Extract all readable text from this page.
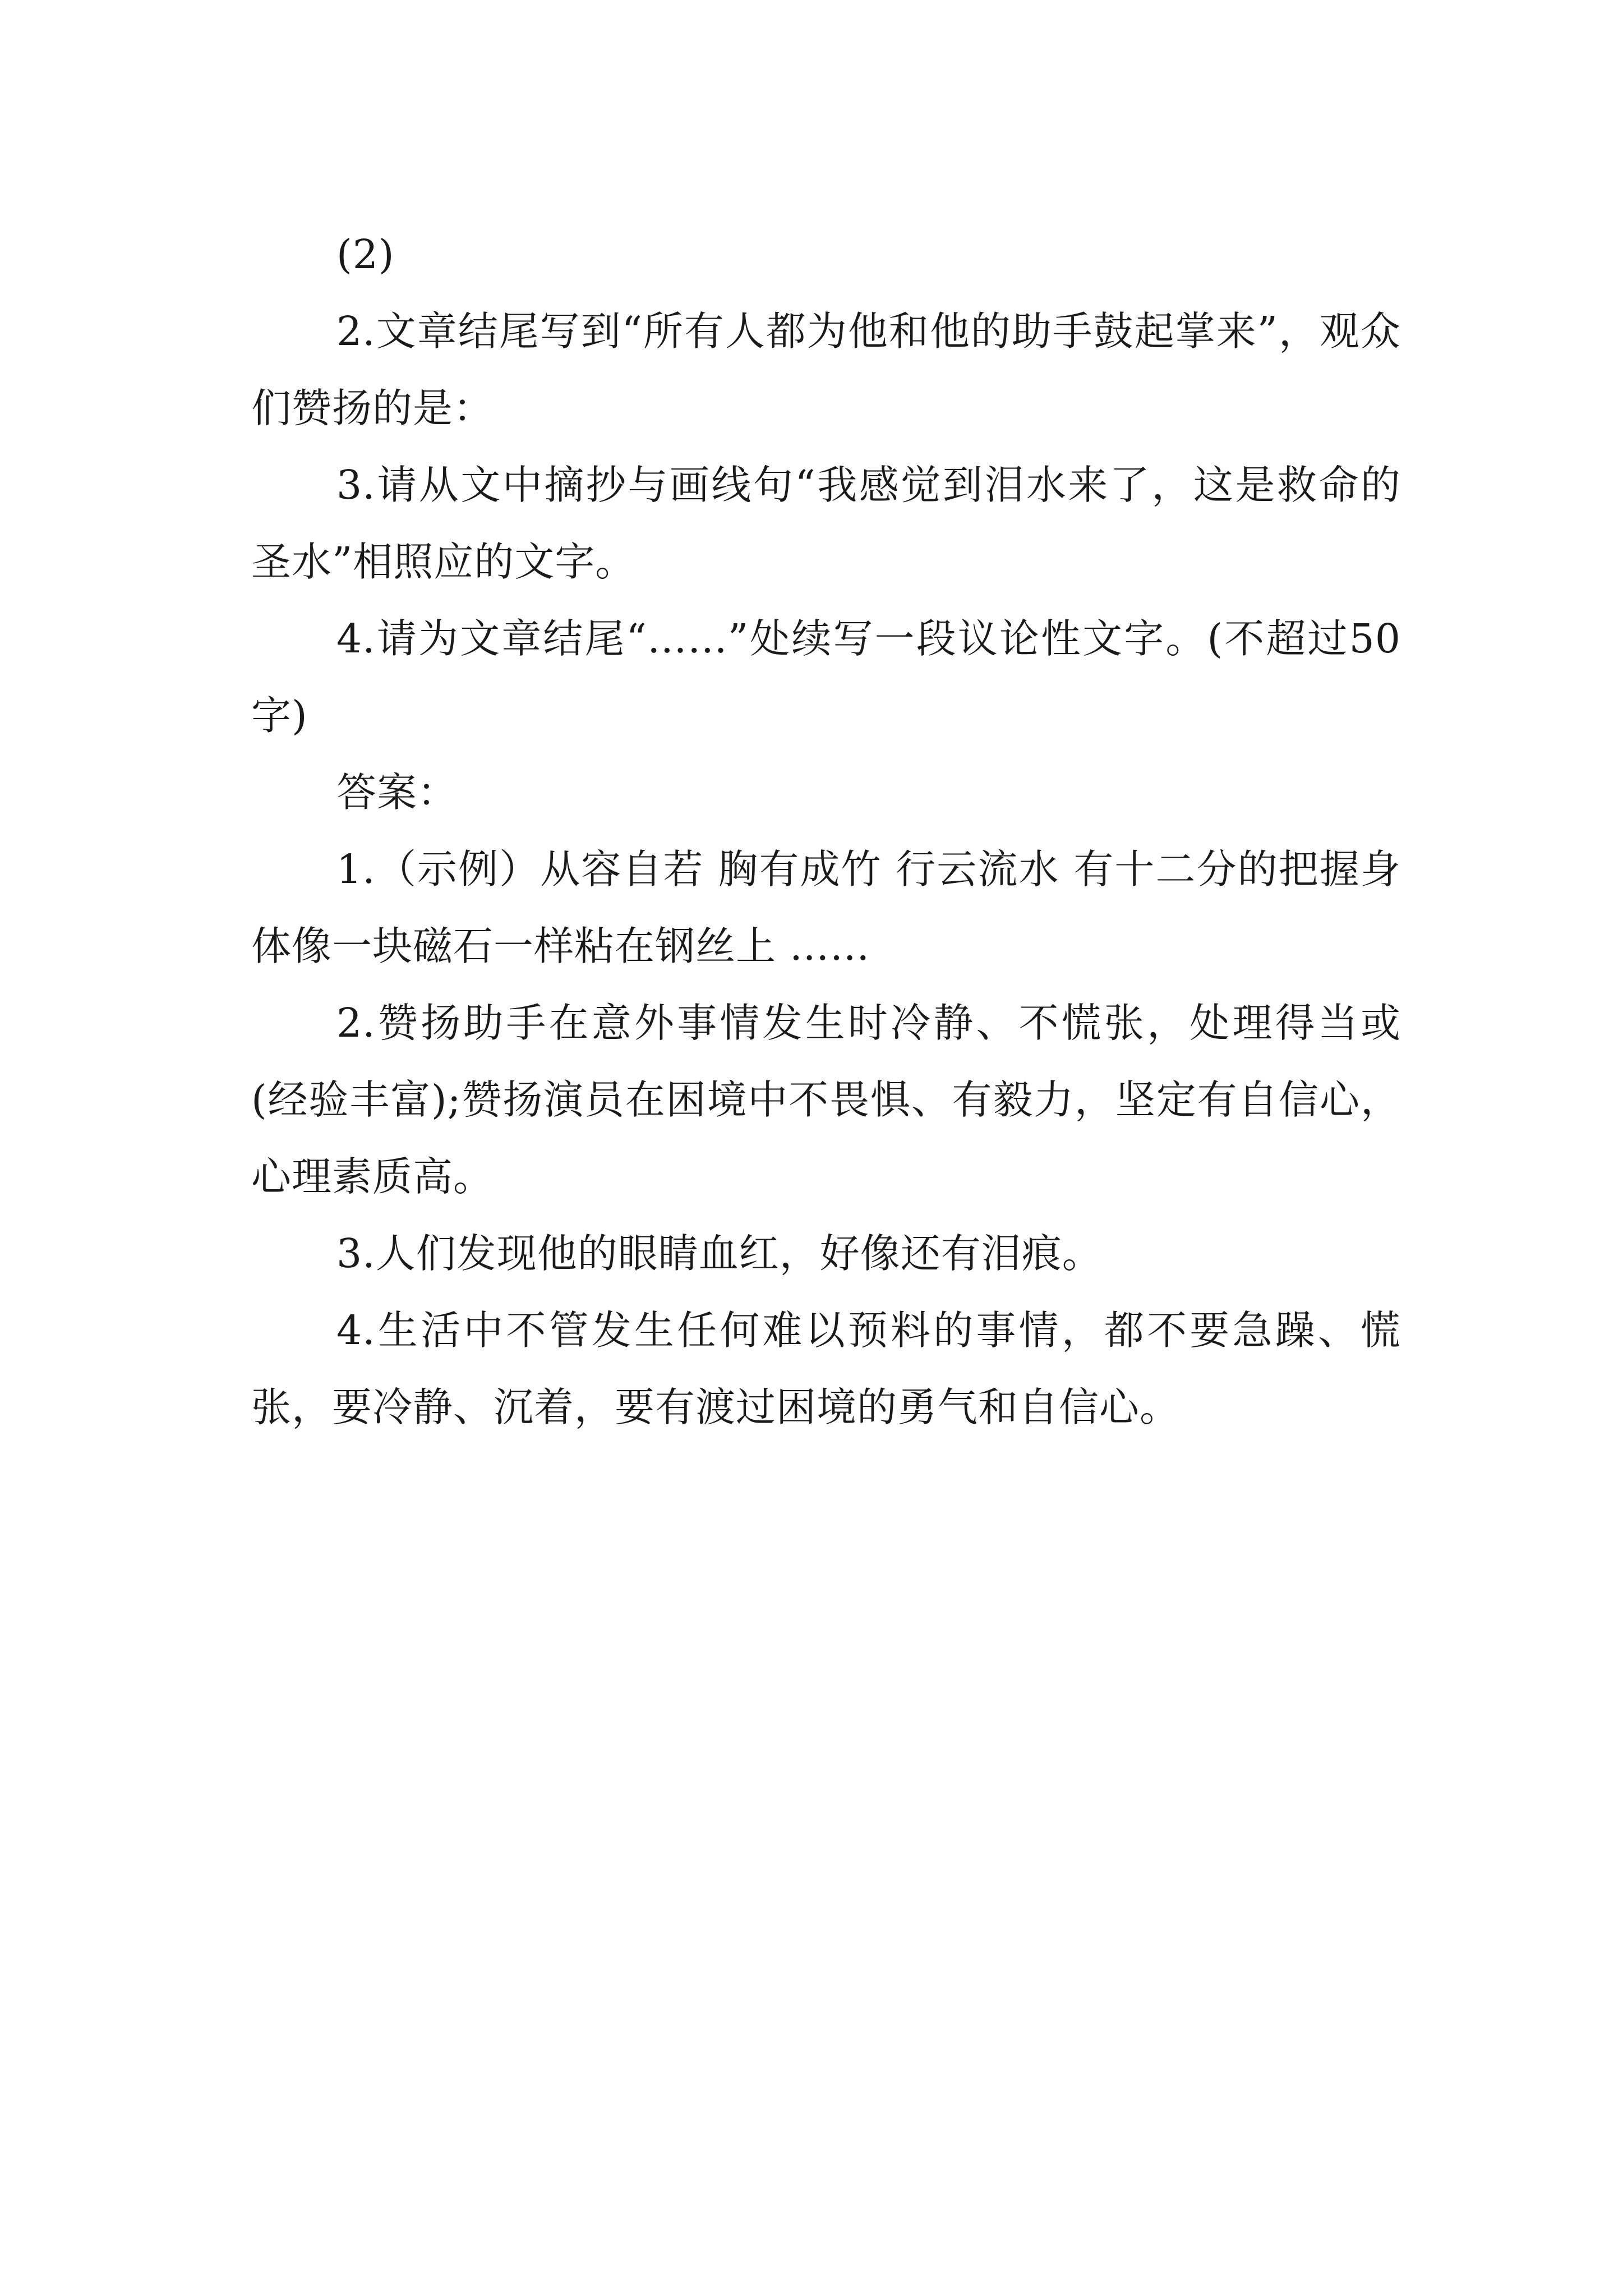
(2)

2.文章结尾写到“所有人都为他和他的助手鼓起掌来”，观众们赞扬的是：

3.请从文中摘抄与画线句“我感觉到泪水来了，这是救命的圣水”相照应的文字。

4.请为文章结尾“……”处续写一段议论性文字。(不超过50字)

答案：

1.（示例）从容自若 胸有成竹 行云流水 有十二分的把握身体像一块磁石一样粘在钢丝上 ……

2.赞扬助手在意外事情发生时冷静、不慌张，处理得当或(经验丰富);赞扬演员在困境中不畏惧、有毅力，坚定有自信心，心理素质高。

3.人们发现他的眼睛血红，好像还有泪痕。

4.生活中不管发生任何难以预料的事情，都不要急躁、慌张，要冷静、沉着，要有渡过困境的勇气和自信心。
